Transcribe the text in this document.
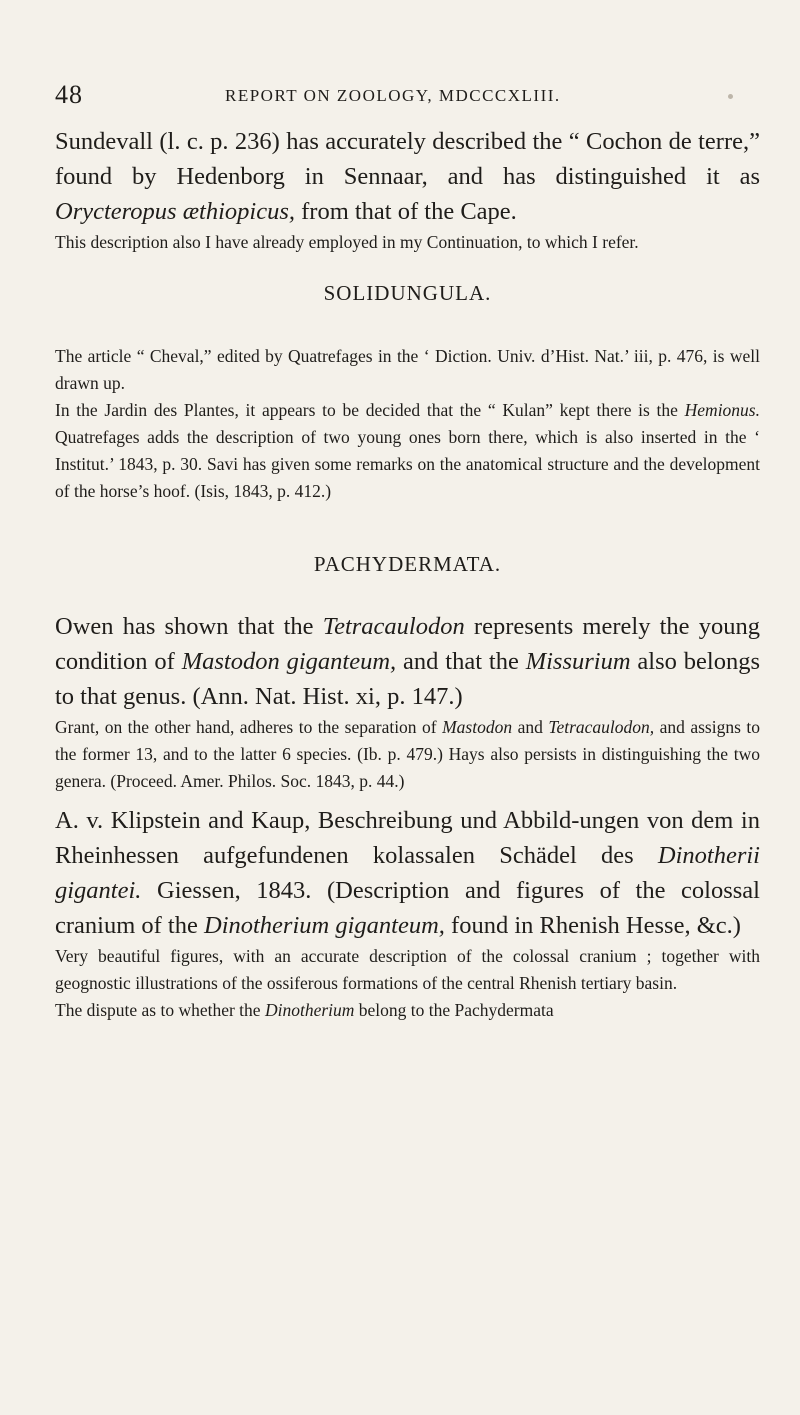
48	REPORT ON ZOOLOGY, MDCCCXLIII.

Sundevall (l. c. p. 236) has accurately described the “ Cochon de terre,” found by Hedenborg in Sennaar, and has distinguished it as Orycteropus æthiopicus, from that of the Cape.

This description also I have already employed in my Continuation, to which I refer.

SOLIDUNGULA.

The article “ Cheval,” edited by Quatrefages in the ‘ Diction. Univ. d’Hist. Nat.’ iii, p. 476, is well drawn up.

In the Jardin des Plantes, it appears to be decided that the “ Kulan” kept there is the Hemionus. Quatrefages adds the description of two young ones born there, which is also inserted in the ‘ Institut.’ 1843, p. 30. Savi has given some remarks on the anatomical structure and the development of the horse’s hoof. (Isis, 1843, p. 412.)

PACHYDERMATA.

Owen has shown that the Tetracaulodon represents merely the young condition of Mastodon giganteum, and that the Missurium also belongs to that genus. (Ann. Nat. Hist. xi, p. 147.)

Grant, on the other hand, adheres to the separation of Mastodon and Tetracaulodon, and assigns to the former 13, and to the latter 6 species. (Ib. p. 479.) Hays also persists in distinguishing the two genera. (Proceed. Amer. Philos. Soc. 1843, p. 44.)

A. v. Klipstein and Kaup, Beschreibung und Abbild-ungen von dem in Rheinhessen aufgefundenen kolassalen Schädel des Dinotherii gigantei. Giessen, 1843. (Description and figures of the colossal cranium of the Dinotherium giganteum, found in Rhenish Hesse, &c.)

Very beautiful figures, with an accurate description of the colossal cranium ; together with geognostic illustrations of the ossiferous formations of the central Rhenish tertiary basin.

The dispute as to whether the Dinotherium belong to the Pachydermata
